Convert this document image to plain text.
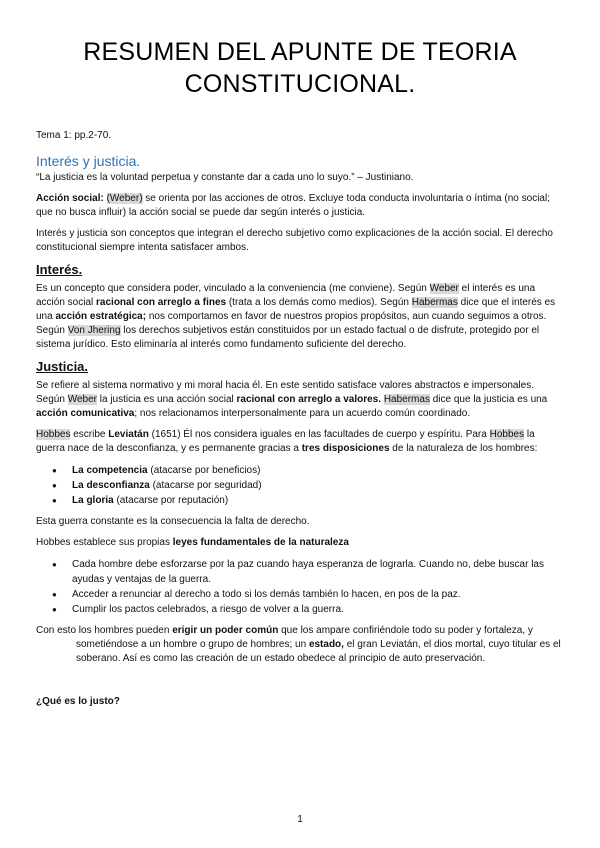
RESUMEN DEL APUNTE DE TEORIA CONSTITUCIONAL.
Tema 1: pp.2-70.
Interés y justicia.

“La justicia es la voluntad perpetua y constante dar a cada uno lo suyo.” – Justiniano.

Acción social: (Weber) se orienta por las acciones de otros. Excluye toda conducta involuntaria o íntima (no social; que no busca influir) la acción social se puede dar según interés o justicia.

Interés y justicia son conceptos que integran el derecho subjetivo como explicaciones de la acción social. El derecho constitucional siempre intenta satisfacer ambos.

Interés.

Es un concepto que considera poder, vinculado a la conveniencia (me conviene). Según Weber el interés es una acción social racional con arreglo a fines (trata a los demás como medios). Según Habermas dice que el interés es una acción estratégica; nos comportamos en favor de nuestros propios propósitos, aun cuando seguimos a otros. Según Von Jhering los derechos subjetivos están constituidos por un estado factual o de disfrute, protegido por el sistema jurídico. Esto eliminaría al interés como fundamento suficiente del derecho.

Justicia.

Se refiere al sistema normativo y mi moral hacia él. En este sentido satisface valores abstractos e impersonales. Según Weber la justicia es una acción social racional con arreglo a valores. Habermas dice que la justicia es una acción comunicativa; nos relacionamos interpersonalmente para un acuerdo común coordinado.

Hobbes escribe Leviatán (1651) Él nos considera iguales en las facultades de cuerpo y espíritu. Para Hobbes la guerra nace de la desconfianza, y es permanente gracias a tres disposiciones de la naturaleza de los hombres:

● La competencia (atacarse por beneficios)
● La desconfianza (atacarse por seguridad)
● La gloria (atacarse por reputación)

Esta guerra constante es la consecuencia la falta de derecho.

Hobbes establece sus propias leyes fundamentales de la naturaleza

● Cada hombre debe esforzarse por la paz cuando haya esperanza de lograrla. Cuando no, debe buscar las ayudas y ventajas de la guerra.
● Acceder a renunciar al derecho a todo si los demás también lo hacen, en pos de la paz.
● Cumplir los pactos celebrados, a riesgo de volver a la guerra.

Con esto los hombres pueden erigir un poder común que los ampare confiriéndole todo su poder y fortaleza, y sometiéndose a un hombre o grupo de hombres; un estado, el gran Leviatán, el dios mortal, cuyo titular es el soberano. Así es como las creación de un estado obedece al principio de auto preservación.

¿Qué es lo justo?
1
